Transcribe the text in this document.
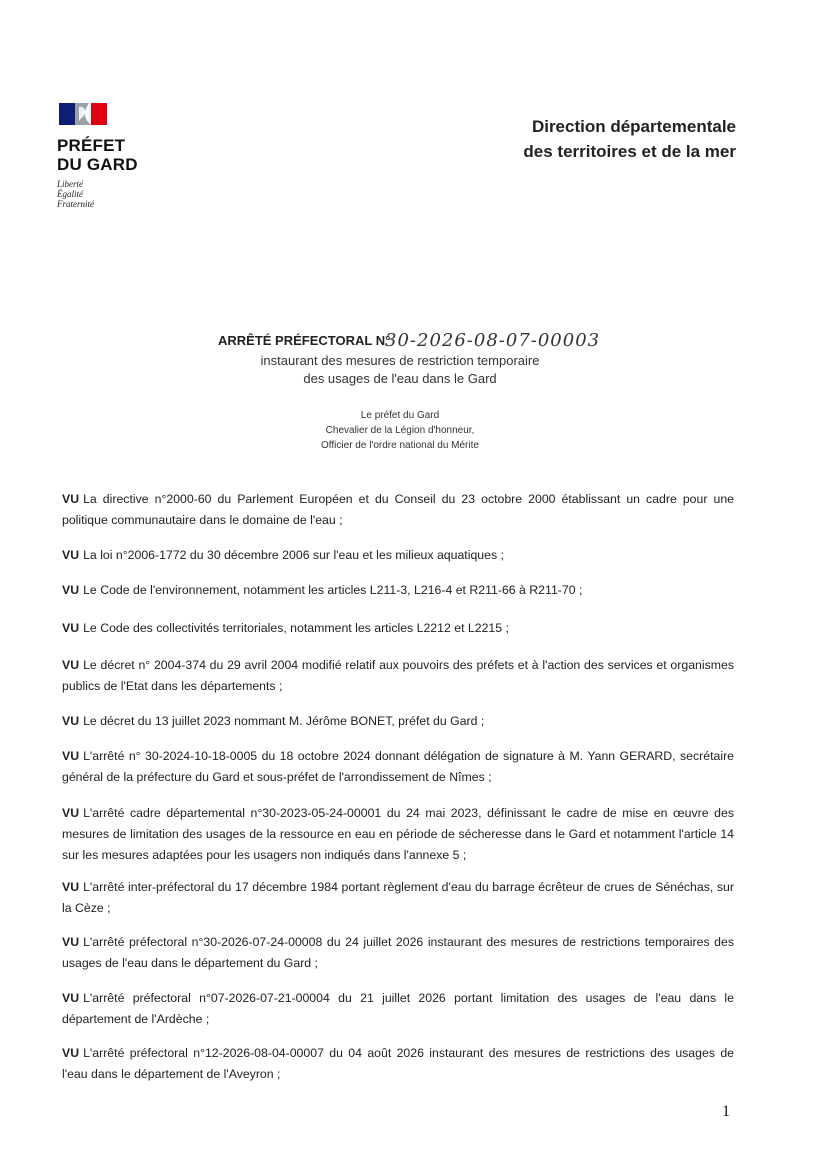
PRÉFET
DU GARD
Liberté
Égalité
Fraternité
Direction départementale
des territoires et de la mer
ARRÊTÉ PRÉFECTORAL N°
30-2026-08-07-00003
instaurant des mesures de restriction temporaire
des usages de l'eau dans le Gard
Le préfet du Gard
Chevalier de la Légion d'honneur,
Officier de l'ordre national du Mérite
VU La directive n°2000-60 du Parlement Européen et du Conseil du 23 octobre 2000 établissant un cadre pour une politique communautaire dans le domaine de l'eau ;
VU La loi n°2006-1772 du 30 décembre 2006 sur l'eau et les milieux aquatiques ;
VU Le Code de l'environnement, notamment les articles L211-3, L216-4 et R211-66 à R211-70 ;
VU Le Code des collectivités territoriales, notamment les articles L2212 et L2215 ;
VU Le décret n° 2004-374 du 29 avril 2004 modifié relatif aux pouvoirs des préfets et à l'action des services et organismes publics de l'Etat dans les départements ;
VU Le décret du 13 juillet 2023 nommant M. Jérôme BONET, préfet du Gard ;
VU L'arrêté n° 30-2024-10-18-0005 du 18 octobre 2024 donnant délégation de signature à M. Yann GERARD, secrétaire général de la préfecture du Gard et sous-préfet de l'arrondissement de Nîmes ;
VU L'arrêté cadre départemental n°30-2023-05-24-00001 du 24 mai 2023, définissant le cadre de mise en œuvre des mesures de limitation des usages de la ressource en eau en période de sécheresse dans le Gard et notamment l'article 14 sur les mesures adaptées pour les usagers non indiqués dans l'annexe 5 ;
VU L'arrêté inter-préfectoral du 17 décembre 1984 portant règlement d'eau du barrage écrêteur de crues de Sénéchas, sur la Cèze ;
VU L'arrêté préfectoral n°30-2026-07-24-00008 du 24 juillet 2026 instaurant des mesures de restrictions temporaires des usages de l'eau dans le département du Gard ;
VU L'arrêté préfectoral n°07-2026-07-21-00004 du 21 juillet 2026 portant limitation des usages de l'eau dans le département de l'Ardèche ;
VU L'arrêté préfectoral n°12-2026-08-04-00007 du 04 août 2026 instaurant des mesures de restrictions des usages de l'eau dans le département de l'Aveyron ;
1
